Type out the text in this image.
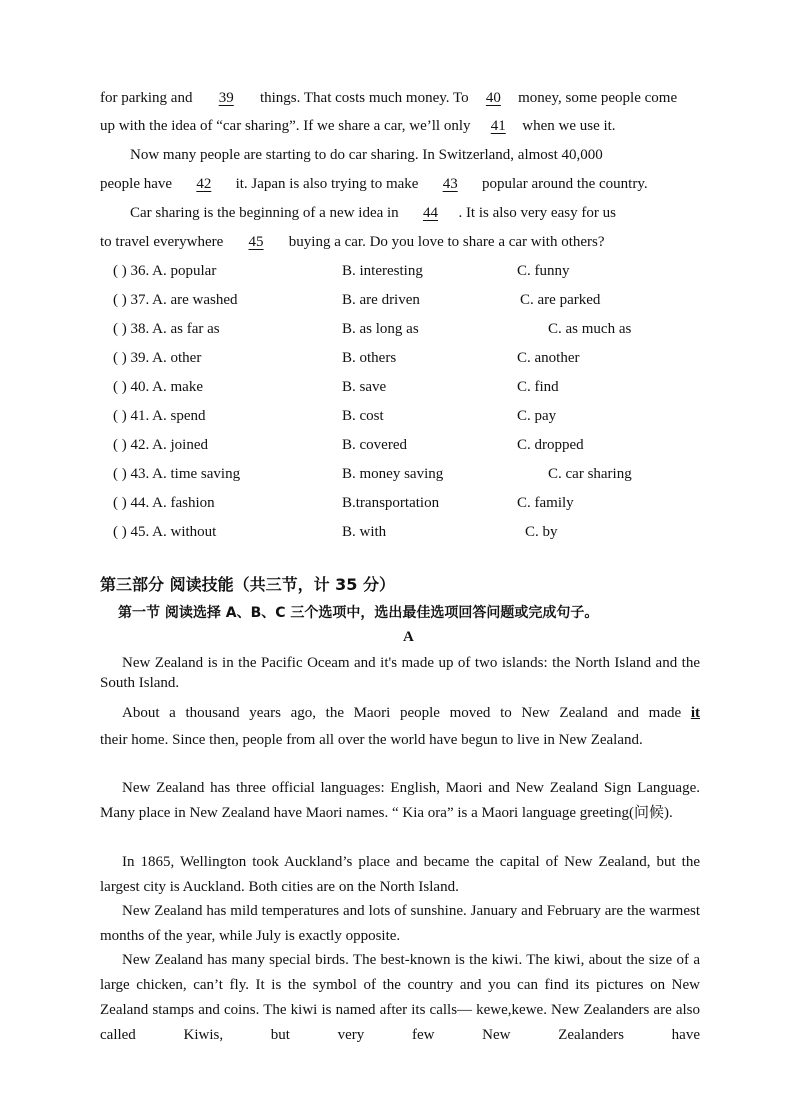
for parking and 39 things. That costs much money. To 40 money, some people come
up with the idea of “car sharing”. If we share a car, we’ll only 41 when we use it.
Now many people are starting to do car sharing. In Switzerland, almost 40,000
people have 42 it. Japan is also trying to make 43 popular around the country.
Car sharing is the beginning of a new idea in 44 . It is also very easy for us
to travel everywhere 45 buying a car. Do you love to share a car with others?
( ) 36. A. popular	B. interesting	C. funny
( ) 37. A. are washed	B. are driven	C. are parked
( ) 38. A. as far as	B. as long as	C. as much as
( ) 39. A. other	B. others	C. another
( ) 40. A. make	B. save	C. find
( ) 41. A. spend	B. cost	C. pay
( ) 42. A. joined	B. covered	C. dropped
( ) 43. A. time saving	B. money saving	C. car sharing
( ) 44. A. fashion	B.transportation	C. family
( ) 45. A. without	B. with	C. by
第三部分 阅读技能（共三节，计 35 分）
第一节 阅读选择 A、B、C 三个选项中，选出最佳选项回答问题或完成句子。
A
New Zealand is in the Pacific Oceam and it's made up of two islands: the North Island and the South Island.
About a thousand years ago, the Maori people moved to New Zealand and made it
their home. Since then, people from all over the world have begun to live in New Zealand.
New Zealand has three official languages: English, Maori and New Zealand Sign Language. Many place in New Zealand have Maori names. “ Kia ora” is a Maori language greeting(问候).
In 1865, Wellington took Auckland’s place and became the capital of New Zealand, but the largest city is Auckland. Both cities are on the North Island.
New Zealand has mild temperatures and lots of sunshine. January and February are the warmest months of the year, while July is exactly opposite.
New Zealand has many special birds. The best-known is the kiwi. The kiwi, about the size of a large chicken, can’t fly. It is the symbol of the country and you can find its pictures on New Zealand stamps and coins. The kiwi is named after its calls— kewe,kewe. New Zealanders are also called Kiwis, but very few New Zealanders have
